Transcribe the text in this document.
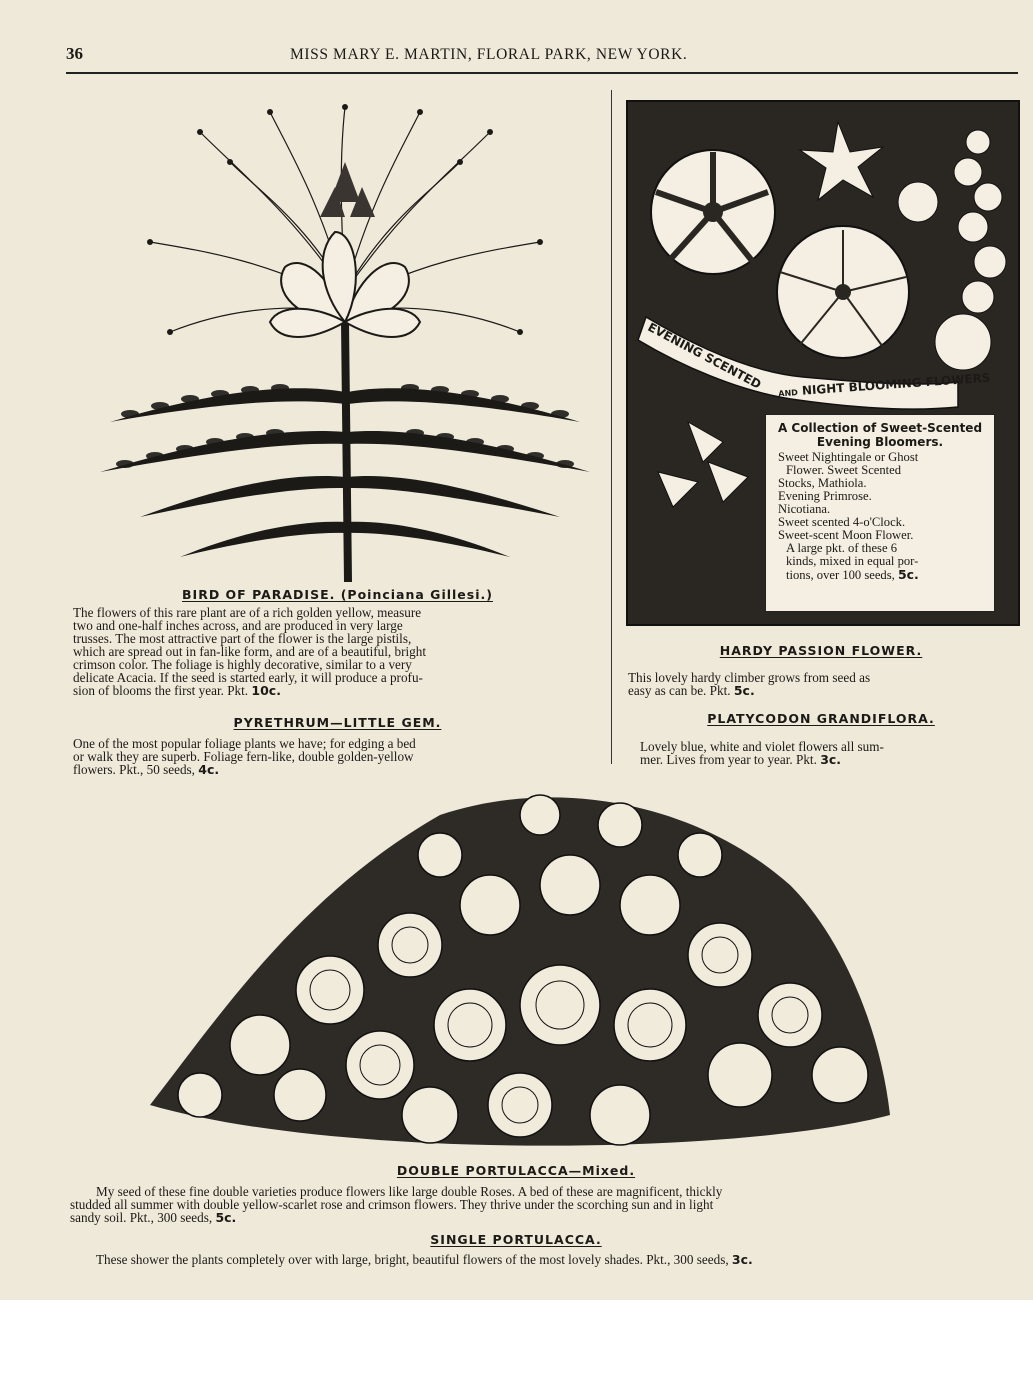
36	MISS MARY E. MARTIN, FLORAL PARK, NEW YORK.
BIRD OF PARADISE. (Poinciana Gillesi.)
The flowers of this rare plant are of a rich golden yellow, measure
two and one-half inches across, and are produced in very large
trusses. The most attractive part of the flower is the large pistils,
which are spread out in fan-like form, and are of a beautiful, bright
crimson color. The foliage is highly decorative, similar to a very
delicate Acacia. If the seed is started early, it will produce a profu-
sion of blooms the first year. Pkt. 10c.
PYRETHRUM—LITTLE GEM.
One of the most popular foliage plants we have; for edging a bed
or walk they are superb. Foliage fern-like, double golden-yellow
flowers. Pkt., 50 seeds, 4c.
EVENING SCENTED
AND NIGHT BLOOMING FLOWERS
A Collection of Sweet-Scented Evening Bloomers.
Sweet Nightingale or Ghost
Flower. Sweet Scented
Stocks, Mathiola.
Evening Primrose.
Nicotiana.
Sweet scented 4-o'Clock.
Sweet-scent Moon Flower.
A large pkt. of these 6
kinds, mixed in equal por-
tions, over 100 seeds, 5c.
HARDY PASSION FLOWER.
This lovely hardy climber grows from seed as
easy as can be. Pkt. 5c.
PLATYCODON GRANDIFLORA.
Lovely blue, white and violet flowers all sum-
mer. Lives from year to year. Pkt. 3c.
DOUBLE PORTULACCA—Mixed.
My seed of these fine double varieties produce flowers like large double Roses. A bed of these are magnificent, thickly
studded all summer with double yellow-scarlet rose and crimson flowers. They thrive under the scorching sun and in light
sandy soil. Pkt., 300 seeds, 5c.
SINGLE PORTULACCA.
These shower the plants completely over with large, bright, beautiful flowers of the most lovely shades. Pkt., 300 seeds, 3c.
